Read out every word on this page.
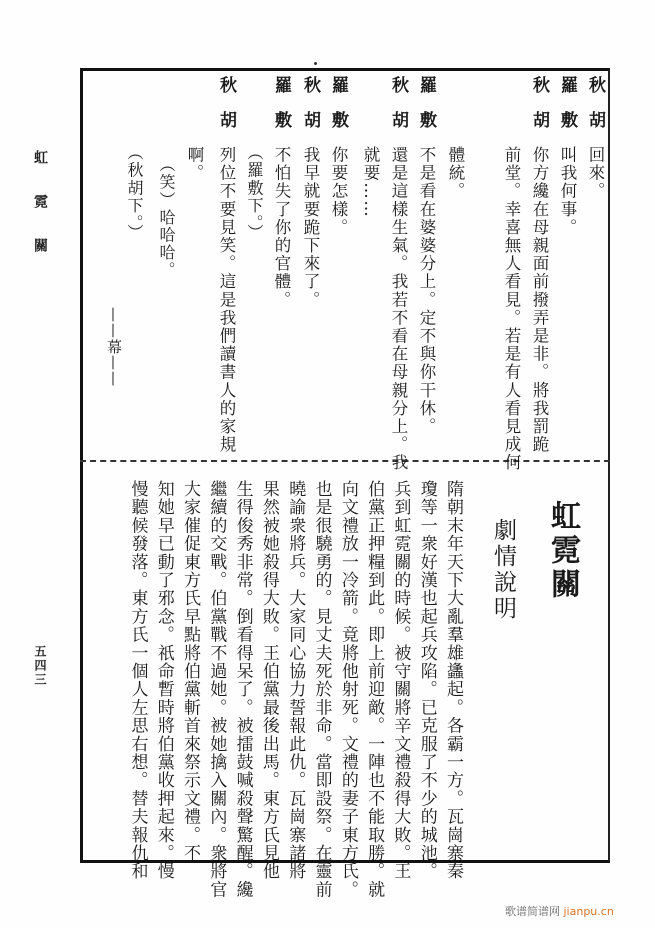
虹霓關
五四三
秋胡
回來。
羅敷
叫我何事。
秋胡
你方纔在母親面前撥弄是非。將我罰跪
前堂。幸喜無人看見。若是有人看見成何
體統。
羅敷
不是看在婆婆分上。定不與你干休。
秋胡
還是這樣生氣。我若不看在母親分上。我
就要……
羅敷
你要怎樣。
秋胡
我早就要跪下來了。
羅敷
不怕失了你的官體。
（羅敷下。）
秋胡
列位不要見笑。這是我們讀書人的家規
啊。
（笑）哈哈哈。
（秋胡下。）
——幕——
虹霓關
劇情說明
隋朝末年天下大亂羣雄蠭起。各霸一方。瓦崗寨秦
瓊等一衆好漢也起兵攻陷。已克服了不少的城池。
兵到虹霓關的時候。被守關將辛文禮殺得大敗。王
伯黨正押糧到此。即上前迎敵。一陣也不能取勝。就
向文禮放一冷箭。竟將他射死。文禮的妻子東方氏。
也是很驍勇的。見丈夫死於非命。當即設祭。在靈前
曉諭衆將兵。大家同心協力誓報此仇。瓦崗寨諸將
果然被她殺得大敗。王伯黨最後出馬。東方氏見他
生得俊秀非常。倒看得呆了。被擂鼓喊殺聲驚醒。纔
繼續的交戰。伯黨戰不過她。被她擒入關內。衆將官
大家催促東方氏早點將伯黨斬首來祭示文禮。不
知她早已動了邪念。祇命暫時將伯黨收押起來。慢
慢聽候發落。東方氏一個人左思右想。替夫報仇和
歌谱简谱网 jianpu.cn
